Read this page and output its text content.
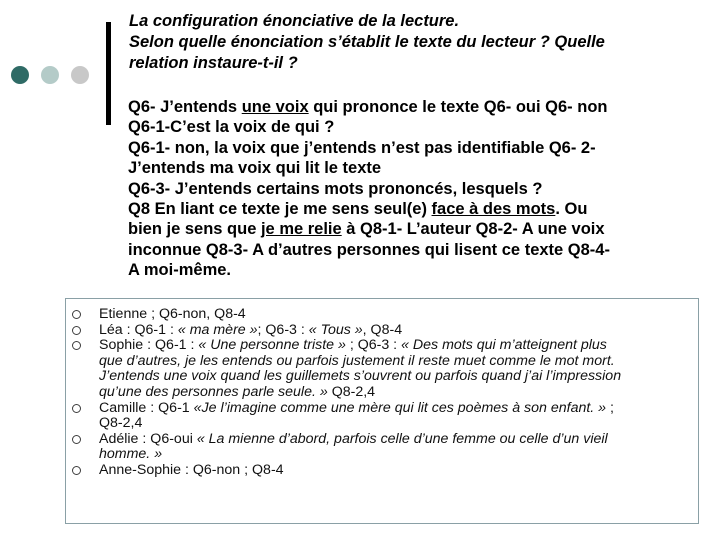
La configuration énonciative de la lecture.
Selon quelle énonciation s’établit le texte du lecteur ? Quelle
relation instaure-t-il ?
Q6- J’entends une voix qui prononce le texte Q6- oui Q6- non
Q6-1-C’est la voix de qui ?
Q6-1- non, la voix que j’entends n’est pas identifiable Q6- 2-
J’entends ma voix qui lit le texte
Q6-3- J’entends certains mots prononcés, lesquels ?
Q8 En liant ce texte je me sens seul(e) face à des mots. Ou
bien je sens que je me relie à Q8-1- L’auteur Q8-2- A une voix
inconnue Q8-3- A d’autres personnes qui lisent ce texte Q8-4-
A moi-même.
Etienne ; Q6-non, Q8-4
Léa : Q6-1 : « ma mère »; Q6-3 : « Tous », Q8-4
Sophie : Q6-1 : « Une personne triste » ; Q6-3 : « Des mots qui m’atteignent plus
que d’autres, je les entends ou parfois justement il reste muet comme le mot mort.
J’entends une voix quand les guillemets s’ouvrent ou parfois quand j’ai l’impression
qu’une des personnes parle seule. » Q8-2,4
Camille : Q6-1 «Je l’imagine comme une mère qui lit ces poèmes à son enfant. » ;
Q8-2,4
Adélie : Q6-oui « La mienne d’abord, parfois celle d’une femme ou celle d’un vieil
homme. »
Anne-Sophie : Q6-non ; Q8-4
